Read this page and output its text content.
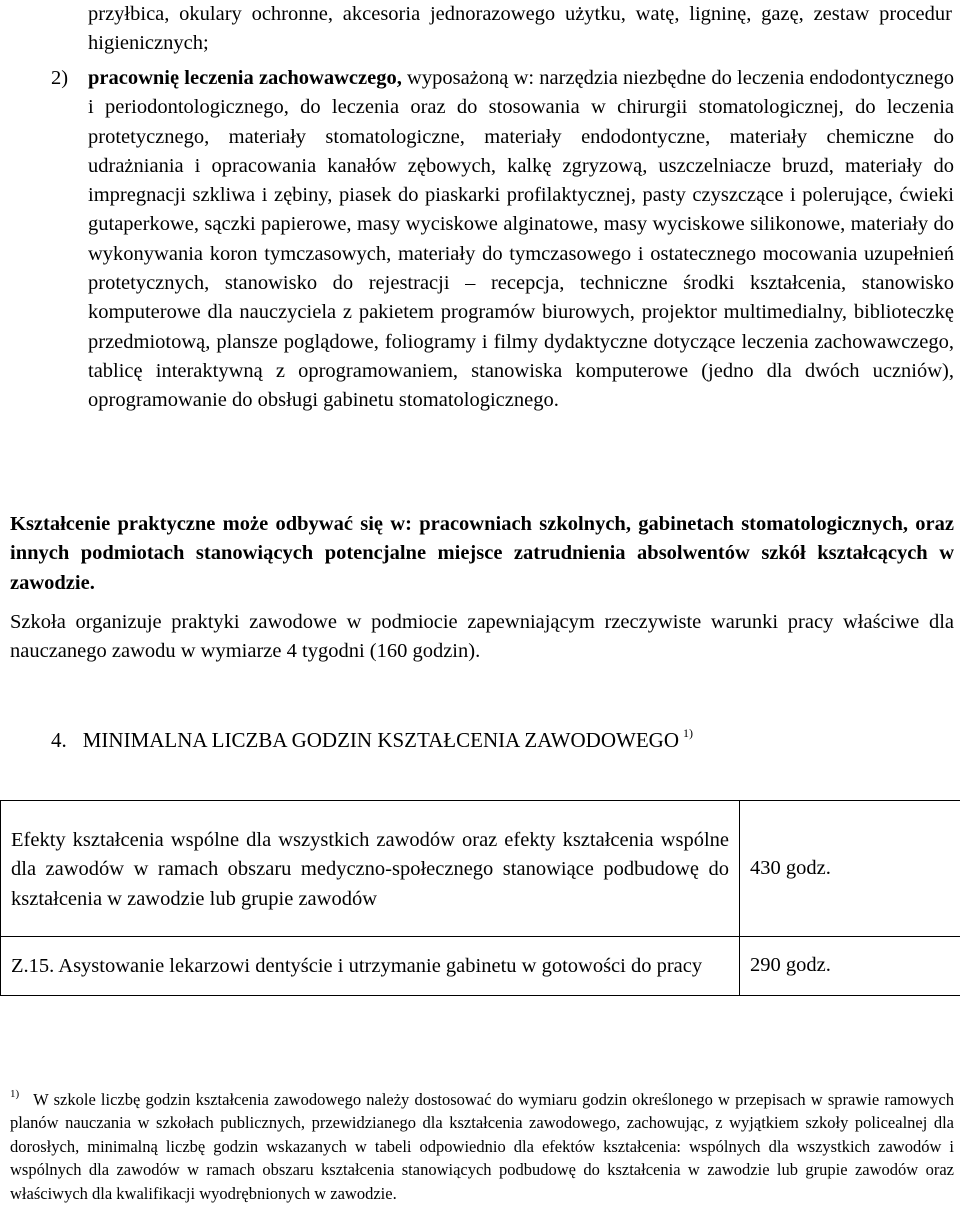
przyłbica, okulary ochronne, akcesoria jednorazowego użytku, watę, ligninę, gazę, zestaw procedur higienicznych;

2) pracownię leczenia zachowawczego, wyposażoną w: narzędzia niezbędne do leczenia endodontycznego i periodontologicznego, do leczenia oraz do stosowania w chirurgii stomatologicznej, do leczenia protetycznego, materiały stomatologiczne, materiały endodontyczne, materiały chemiczne do udrażniania i opracowania kanałów zębowych, kalkę zgryzową, uszczelniacze bruzd, materiały do impregnacji szkliwa i zębiny, piasek do piaskarki profilaktycznej, pasty czyszczące i polerujące, ćwieki gutaperkowe, sączki papierowe, masy wyciskowe alginatowe, masy wyciskowe silikonowe, materiały do wykonywania koron tymczasowych, materiały do tymczasowego i ostatecznego mocowania uzupełnień protetycznych, stanowisko do rejestracji – recepcja, techniczne środki kształcenia, stanowisko komputerowe dla nauczyciela z pakietem programów biurowych, projektor multimedialny, biblioteczkę przedmiotową, plansze poglądowe, foliogramy i filmy dydaktyczne dotyczące leczenia zachowawczego, tablicę interaktywną z oprogramowaniem, stanowiska komputerowe (jedno dla dwóch uczniów), oprogramowanie do obsługi gabinetu stomatologicznego.

Kształcenie praktyczne może odbywać się w: pracowniach szkolnych, gabinetach stomatologicznych, oraz innych podmiotach stanowiących potencjalne miejsce zatrudnienia absolwentów szkół kształcących w zawodzie.

Szkoła organizuje praktyki zawodowe w podmiocie zapewniającym rzeczywiste warunki pracy właściwe dla nauczanego zawodu w wymiarze 4 tygodni (160 godzin).

4. MINIMALNA LICZBA GODZIN KSZTAŁCENIA ZAWODOWEGO $^{1)}$
Efekty kształcenia wspólne dla wszystkich zawodów oraz efekty kształcenia wspólne dla zawodów w ramach obszaru medyczno-społecznego stanowiące podbudowę do kształcenia w zawodzie lub grupie zawodów	430 godz.
Z.15. Asystowanie lekarzowi dentyście i utrzymanie gabinetu w gotowości do pracy	290 godz.

$^{1)}$ W szkole liczbę godzin kształcenia zawodowego należy dostosować do wymiaru godzin określonego w przepisach w sprawie ramowych planów nauczania w szkołach publicznych, przewidzianego dla kształcenia zawodowego, zachowując, z wyjątkiem szkoły policealnej dla dorosłych, minimalną liczbę godzin wskazanych w tabeli odpowiednio dla efektów kształcenia: wspólnych dla wszystkich zawodów i wspólnych dla zawodów w ramach obszaru kształcenia stanowiących podbudowę do kształcenia w zawodzie lub grupie zawodów oraz właściwych dla kwalifikacji wyodrębnionych w zawodzie.
